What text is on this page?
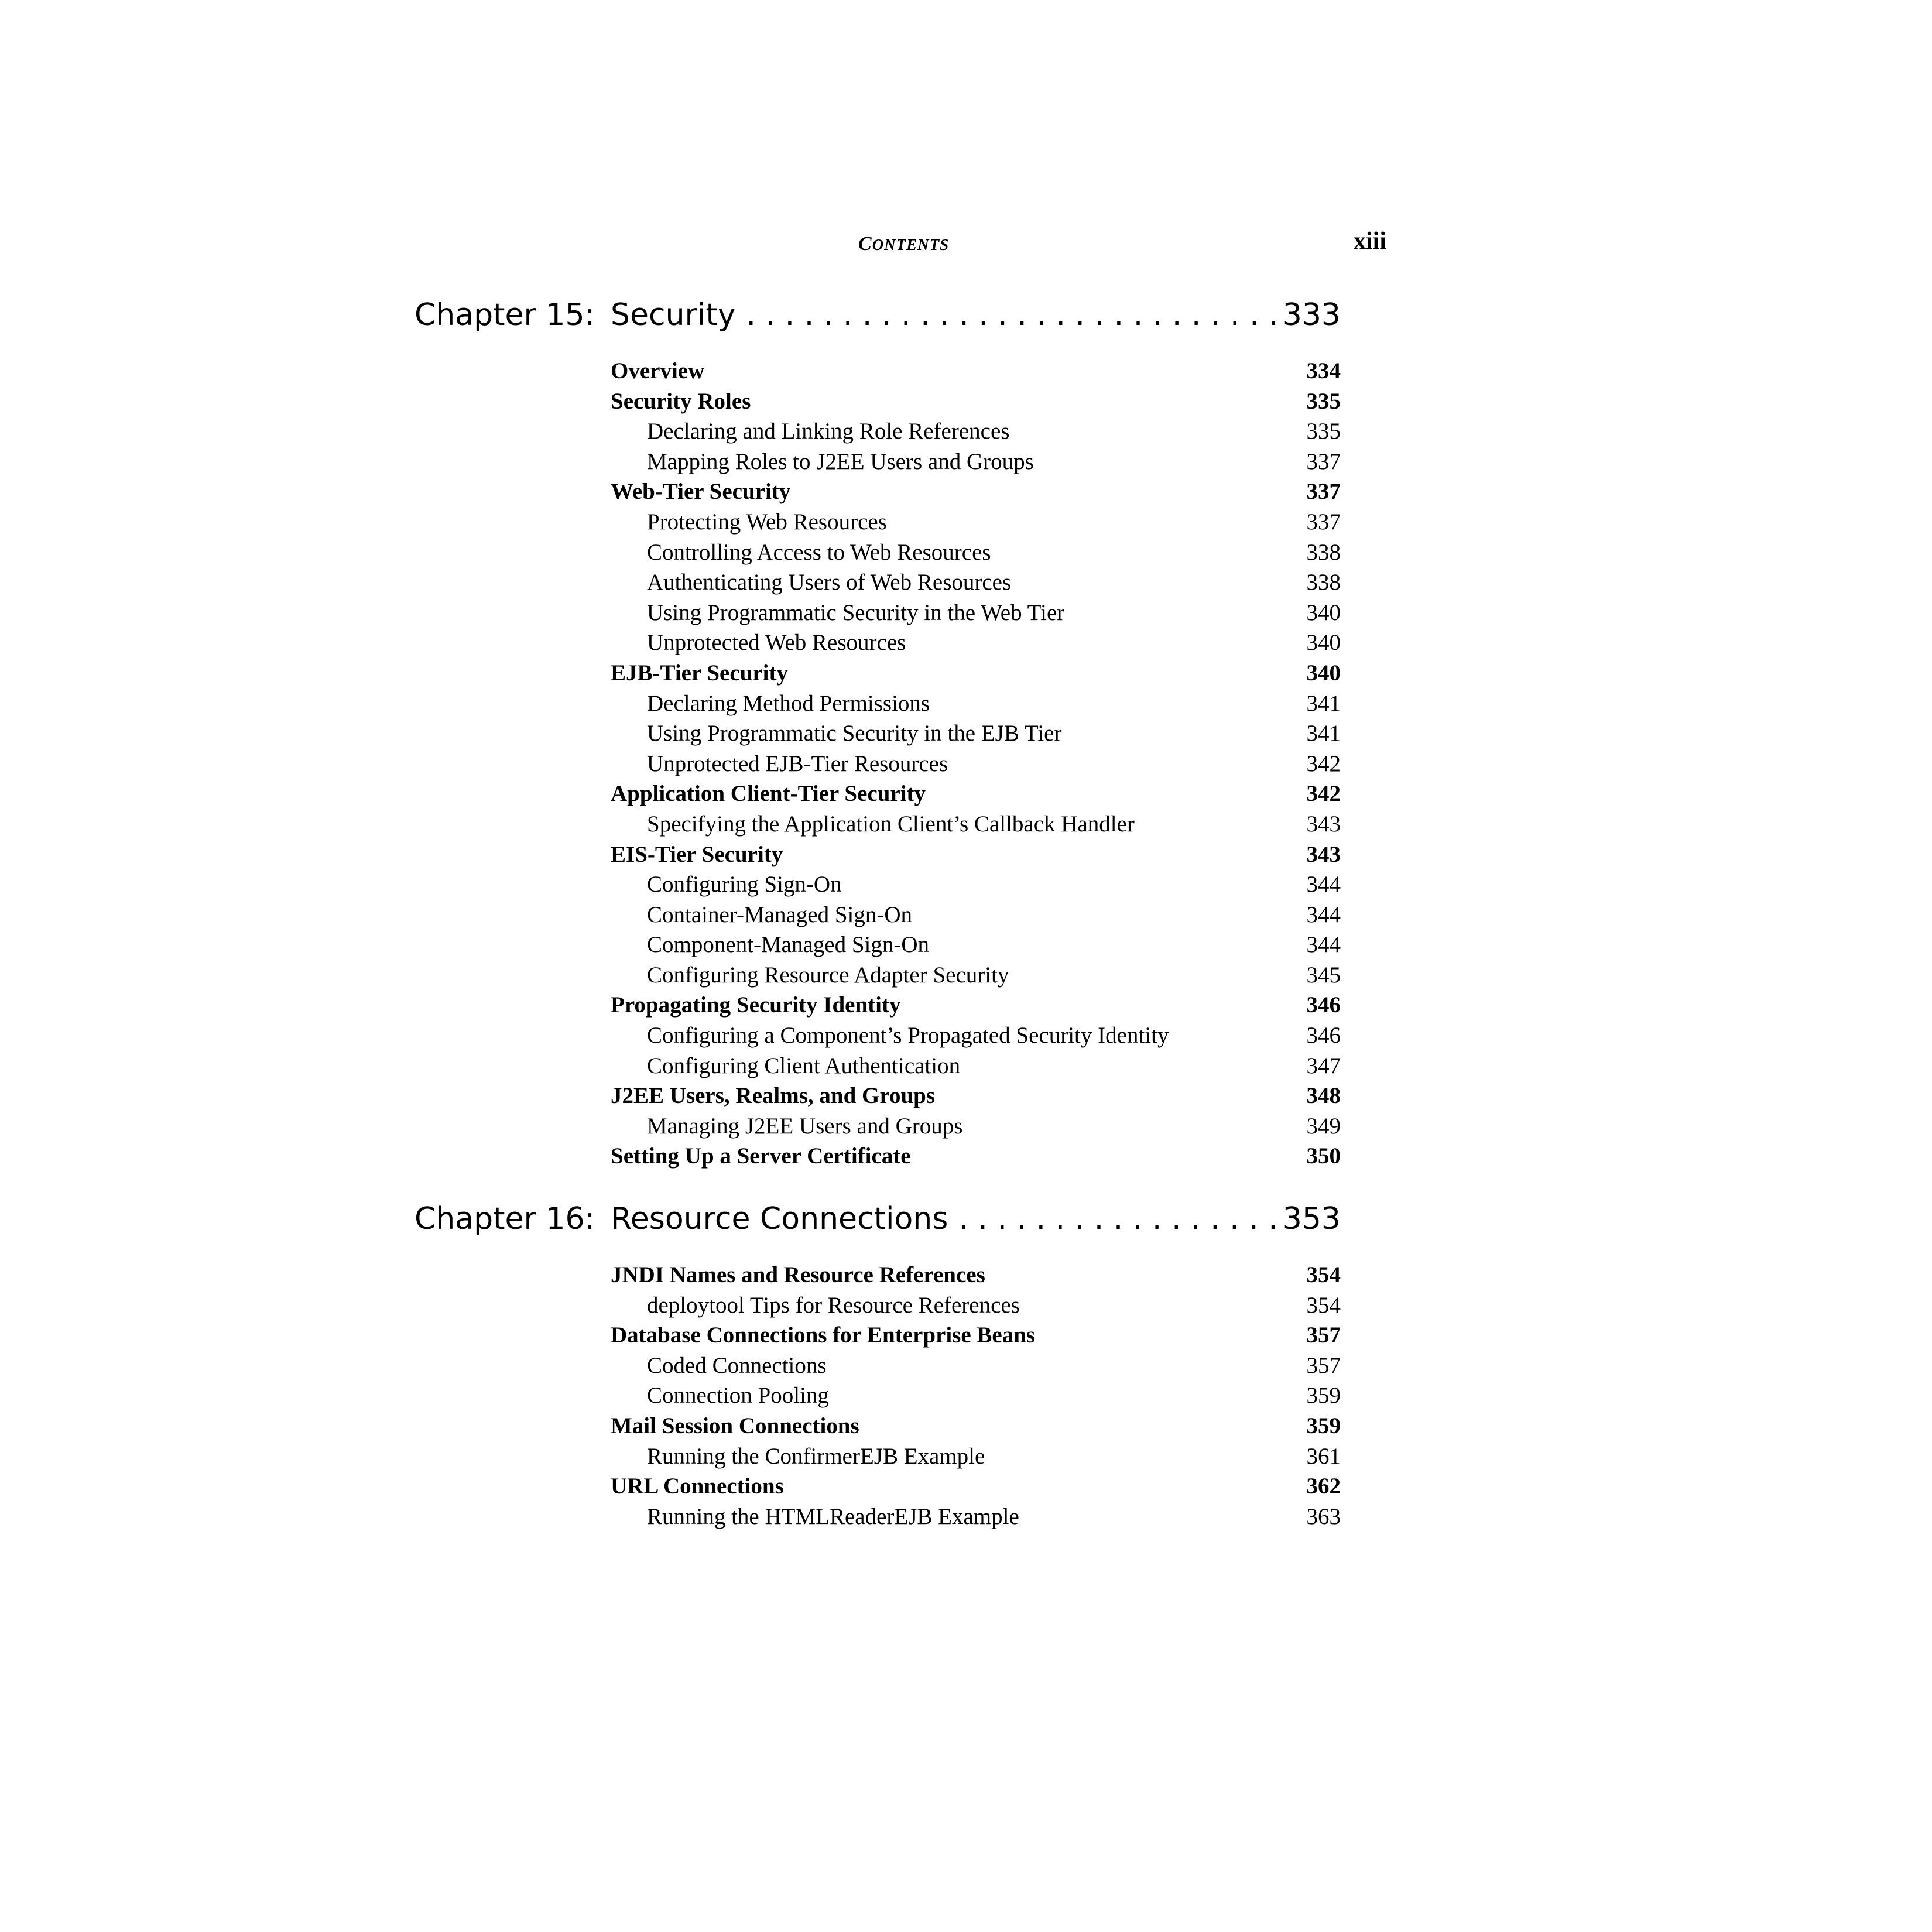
CONTENTS	xiii
Chapter 15: Security . . .	333
Overview	334
Security Roles	335
Declaring and Linking Role References	335
Mapping Roles to J2EE Users and Groups	337
Web-Tier Security	337
Protecting Web Resources	337
Controlling Access to Web Resources	338
Authenticating Users of Web Resources	338
Using Programmatic Security in the Web Tier	340
Unprotected Web Resources	340
EJB-Tier Security	340
Declaring Method Permissions	341
Using Programmatic Security in the EJB Tier	341
Unprotected EJB-Tier Resources	342
Application Client-Tier Security	342
Specifying the Application Client’s Callback Handler	343
EIS-Tier Security	343
Configuring Sign-On	344
Container-Managed Sign-On	344
Component-Managed Sign-On	344
Configuring Resource Adapter Security	345
Propagating Security Identity	346
Configuring a Component’s Propagated Security Identity	346
Configuring Client Authentication	347
J2EE Users, Realms, and Groups	348
Managing J2EE Users and Groups	349
Setting Up a Server Certificate	350
Chapter 16: Resource Connections . . .	353
JNDI Names and Resource References	354
deploytool Tips for Resource References	354
Database Connections for Enterprise Beans	357
Coded Connections	357
Connection Pooling	359
Mail Session Connections	359
Running the ConfirmerEJB Example	361
URL Connections	362
Running the HTMLReaderEJB Example	363
